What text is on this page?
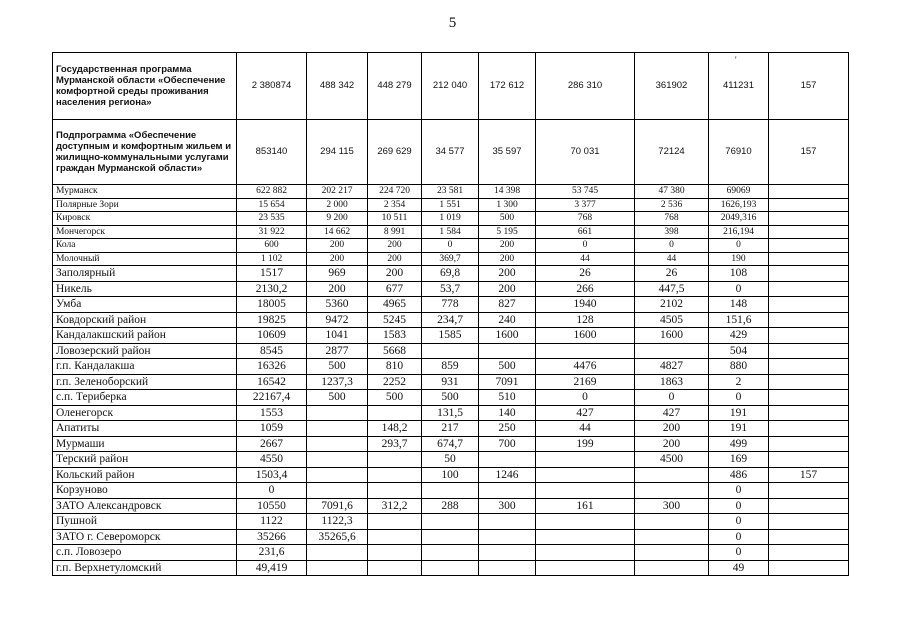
5
'
Государственная программа Мурманской области «Обеспечение комфортной среды проживания населения региона»	2 380874	488 342	448 279	212 040	172 612	286 310	361902	411231	157
Подпрограмма «Обеспечение доступным и комфортным жильем и жилищно-коммунальными услугами граждан Мурманской области»	853140	294 115	269 629	34 577	35 597	70 031	72124	76910	157
Мурманск	622 882	202 217	224 720	23 581	14 398	53 745	47 380	69069	
Полярные Зори	15 654	2 000	2 354	1 551	1 300	3 377	2 536	1626,193	
Кировск	23 535	9 200	10 511	1 019	500	768	768	2049,316	
Мончегорск	31 922	14 662	8 991	1 584	5 195	661	398	216,194	
Кола	600	200	200	0	200	0	0	0	
Молочный	1 102	200	200	369,7	200	44	44	190	
Заполярный	1517	969	200	69,8	200	26	26	108	
Никель	2130,2	200	677	53,7	200	266	447,5	0	
Умба	18005	5360	4965	778	827	1940	2102	148	
Ковдорский район	19825	9472	5245	234,7	240	128	4505	151,6	
Кандалакшский район	10609	1041	1583	1585	1600	1600	1600	429	
Ловозерский район	8545	2877	5668					504	
г.п. Кандалакша	16326	500	810	859	500	4476	4827	880	
г.п. Зеленоборский	16542	1237,3	2252	931	7091	2169	1863	2	
с.п. Териберка	22167,4	500	500	500	510	0	0	0	
Оленегорск	1553			131,5	140	427	427	191	
Апатиты	1059		148,2	217	250	44	200	191	
Мурмаши	2667		293,7	674,7	700	199	200	499	
Терский район	4550			50			4500	169	
Кольский район	1503,4			100	1246			486	157
Корзуново	0							0	
ЗАТО Александровск	10550	7091,6	312,2	288	300	161	300	0	
Пушной	1122	1122,3						0	
ЗАТО г. Североморск	35266	35265,6						0	
с.п. Ловозеро	231,6							0	
г.п. Верхнетуломский	49,419							49	
